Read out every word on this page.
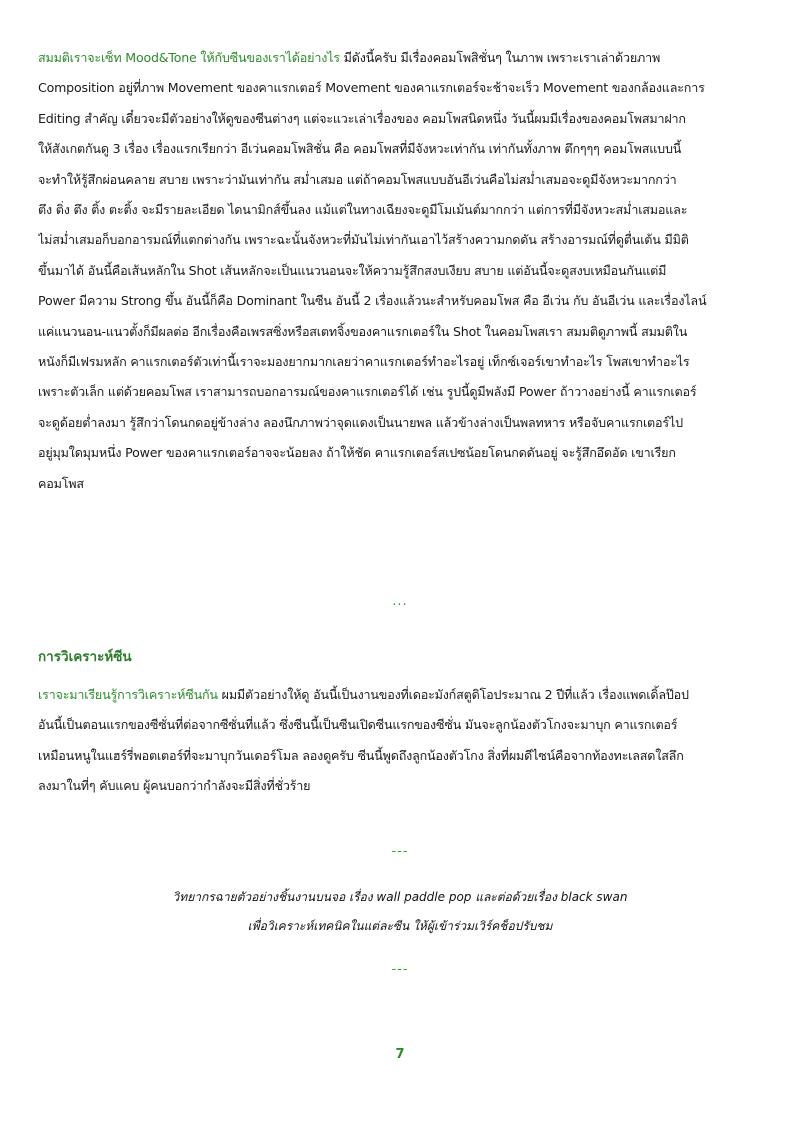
สมมติเราจะเซ็ท Mood&Tone ให้กับซีนของเราได้อย่างไร มีดังนี้ครับ มีเรื่องคอมโพสิชั่นๆ ในภาพ เพราะเราเล่าด้วยภาพ
Composition อยู่ที่ภาพ Movement ของคาแรกเตอร์ Movement ของคาแรกเตอร์จะช้าจะเร็ว Movement ของกล้องและการ
Editing สำคัญ เดี๋ยวจะมีตัวอย่างให้ดูของซีนต่างๆ แต่จะแวะเล่าเรื่องของ คอมโพสนิดหนึ่ง วันนี้ผมมีเรื่องของคอมโพสมาฝาก
ให้สังเกตกันดู 3 เรื่อง เรื่องแรกเรียกว่า อีเว่นคอมโพสิชั่น คือ คอมโพสที่มีจังหวะเท่ากัน เท่ากันทั้งภาพ ตึกๆๆๆ คอมโพสแบบนี้
จะทำให้รู้สึกผ่อนคลาย สบาย เพราะว่ามันเท่ากัน สม่ำเสมอ แต่ถ้าคอมโพสแบบอันอีเว่นคือไม่สม่ำเสมอจะดูมีจังหวะมากกว่า
ตึง ติ่ง ตึง ติ้ง ตะติ้ง จะมีรายละเอียด ไดนามิกส์ขึ้นลง แม้แต่ในทางเฉียงจะดูมีโมเม้นต์มากกว่า แต่การที่มีจังหวะสม่ำเสมอและ
ไม่สม่ำเสมอก็บอกอารมณ์ที่แตกต่างกัน เพราะฉะนั้นจังหวะที่มันไม่เท่ากันเอาไว้สร้างความกดดัน สร้างอารมณ์ที่ดูตื่นเต้น มีมิติ
ขึ้นมาได้ อันนี้คือเส้นหลักใน Shot เส้นหลักจะเป็นแนวนอนจะให้ความรู้สึกสงบเงียบ สบาย แต่อันนี้จะดูสงบเหมือนกันแต่มี
Power มีความ Strong ขึ้น อันนี้ก็คือ Dominant ในซีน อันนี้ 2 เรื่องแล้วนะสำหรับคอมโพส คือ อีเว่น กับ อันอีเว่น และเรื่องไลน์
แค่แนวนอน-แนวตั้งก็มีผลต่อ อีกเรื่องคือเพรสซิ่งหรือสเตทจิ้งของคาแรกเตอร์ใน Shot ในคอมโพสเรา สมมติดูภาพนี้ สมมติใน
หนังก็มีเฟรมหลัก คาแรกเตอร์ตัวเท่านี้เราจะมองยากมากเลยว่าคาแรกเตอร์ทำอะไรอยู่ เท็กซ์เจอร์เขาทำอะไร โพสเขาทำอะไร
เพราะตัวเล็ก แต่ด้วยคอมโพส เราสามารถบอกอารมณ์ของคาแรกเตอร์ได้ เช่น รูปนี้ดูมีพลังมี Power ถ้าวางอย่างนี้ คาแรกเตอร์
จะดูด้อยต่ำลงมา รู้สึกว่าโดนกดอยู่ข้างล่าง ลองนึกภาพว่าจุดแดงเป็นนายพล แล้วข้างล่างเป็นพลทหาร หรือจับคาแรกเตอร์ไป
อยู่มุมใดมุมหนึ่ง Power ของคาแรกเตอร์อาจจะน้อยลง ถ้าให้ชัด คาแรกเตอร์สเปซน้อยโดนกดดันอยู่ จะรู้สึกอึดอัด เขาเรียก
คอมโพส
...
การวิเคราะห์ซีน
เราจะมาเรียนรู้การวิเคราะห์ซีนกัน ผมมีตัวอย่างให้ดู อันนี้เป็นงานของที่เดอะมังก์สตูดิโอประมาณ 2 ปีที่แล้ว เรื่องแพดเดิ้ลป๊อป
อันนี้เป็นตอนแรกของซีซั่นที่ต่อจากซีซั่นที่แล้ว ซึ่งซีนนี้เป็นซีนเปิดซีนแรกของซีซั่น มันจะลูกน้องตัวโกงจะมาบุก คาแรกเตอร์
เหมือนหนูในแฮร์รี่พอตเตอร์ที่จะมาบุกวันเดอร์โมล ลองดูครับ ซีนนี้พูดถึงลูกน้องตัวโกง สิ่งที่ผมดีไซน์คือจากท้องทะเลสดใสลึก
ลงมาในที่ๆ คับแคบ ผู้คนบอกว่ากำลังจะมีสิ่งที่ชั่วร้าย
---
วิทยากรฉายตัวอย่างชิ้นงานบนจอ เรื่อง wall paddle pop และต่อด้วยเรื่อง black swan
เพื่อวิเคราะห์เทคนิคในแต่ละซีน ให้ผู้เข้าร่วมเวิร์คช็อปรับชม
---
7
